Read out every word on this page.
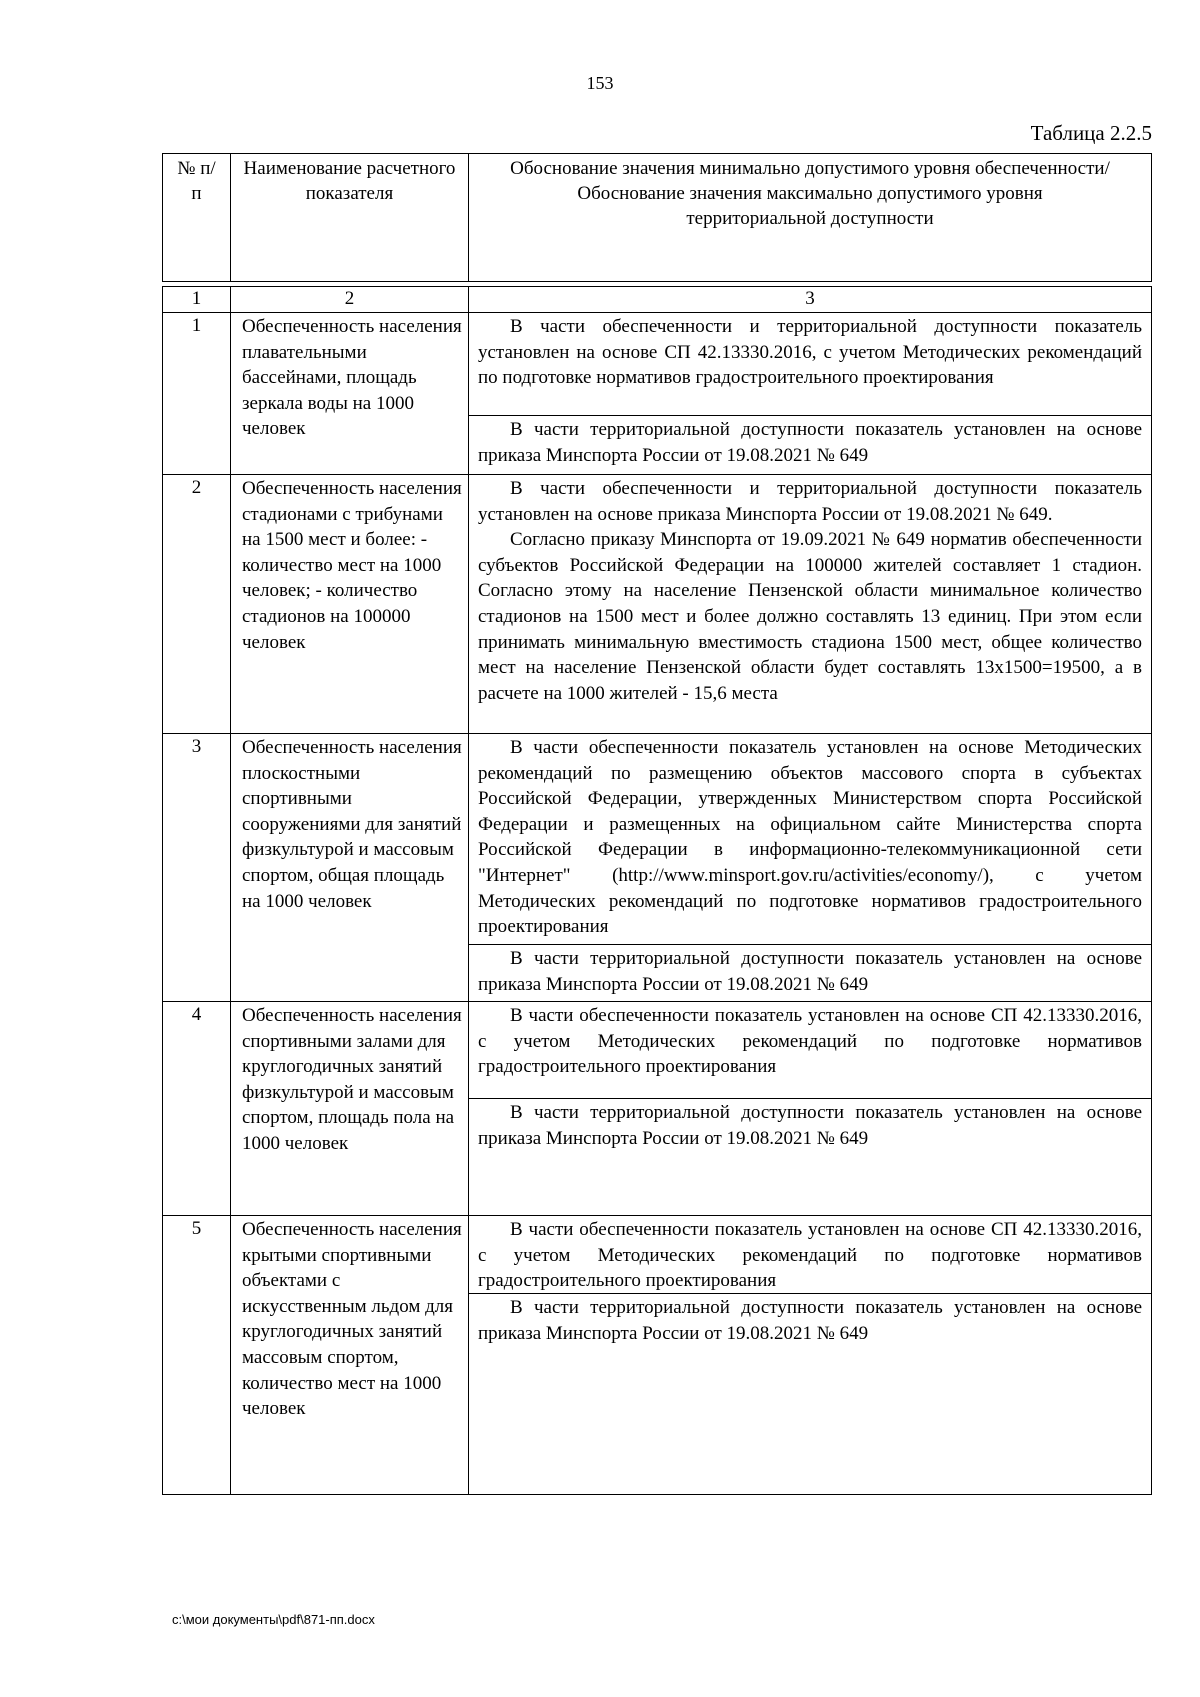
153
Таблица 2.2.5
№ п/п	Наименование расчетного показателя	Обоснование значения минимально допустимого уровня обеспеченности/ Обоснование значения максимально допустимого уровня территориальной доступности
1	2	3
1	Обеспеченность населения плавательными бассейнами, площадь зеркала воды на 1000 человек	В части обеспеченности и территориальной доступности показатель установлен на основе СП 42.13330.2016, с учетом Методических рекомендаций по подготовке нормативов градостроительного проектирования
В части территориальной доступности показатель установлен на основе приказа Минспорта России от 19.08.2021 № 649

2	Обеспеченность населения стадионами с трибунами на 1500 мест и более: - количество мест на 1000 человек; - количество стадионов на 100000 человек	В части обеспеченности и территориальной доступности показатель установлен на основе приказа Минспорта России от 19.08.2021 № 649.

Согласно приказу Минспорта от 19.09.2021 № 649 норматив обеспеченности субъектов Российской Федерации на 100000 жителей составляет 1 стадион. Согласно этому на население Пензенской области минимальное количество стадионов на 1500 мест и более должно составлять 13 единиц. При этом если принимать минимальную вместимость стадиона 1500 мест, общее количество мест на население Пензенской области будет составлять 13x1500=19500, а в расчете на 1000 жителей - 15,6 места

3	Обеспеченность населения плоскостными спортивными сооружениями для занятий физкультурой и массовым спортом, общая площадь на 1000 человек	В части обеспеченности показатель установлен на основе Методических рекомендаций по размещению объектов массового спорта в субъектах Российской Федерации, утвержденных Министерством спорта Российской Федерации и размещенных на официальном сайте Министерства спорта Российской Федерации в информационно-телекоммуникационной сети "Интернет" (http://www.minsport.gov.ru/activities/economy/), с учетом Методических рекомендаций по подготовке нормативов градостроительного проектирования
В части территориальной доступности показатель установлен на основе приказа Минспорта России от 19.08.2021 № 649

4	Обеспеченность населения спортивными залами для круглогодичных занятий физкультурой и массовым спортом, площадь пола на 1000 человек	В части обеспеченности показатель установлен на основе СП 42.13330.2016, с учетом Методических рекомендаций по подготовке нормативов градостроительного проектирования
В части территориальной доступности показатель установлен на основе приказа Минспорта России от 19.08.2021 № 649

5	Обеспеченность населения крытыми спортивными объектами с искусственным льдом для круглогодичных занятий массовым спортом, количество мест на 1000 человек	В части обеспеченности показатель установлен на основе СП 42.13330.2016, с учетом Методических рекомендаций по подготовке нормативов градостроительного проектирования
В части территориальной доступности показатель установлен на основе приказа Минспорта России от 19.08.2021 № 649
c:\мои документы\pdf\871-пп.docx
